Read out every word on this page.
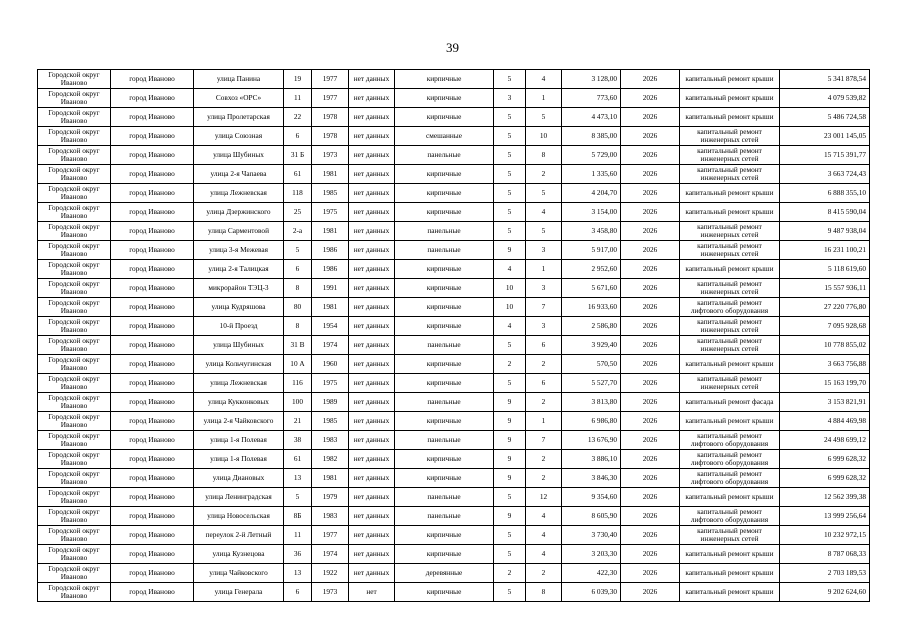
39
Городской округ Иваново	город Иваново	улица Панина	19	1977	нет данных	кирпичные	5	4	3 128,00	2026	капитальный ремонт крыши	5 341 878,54
Городской округ Иваново	город Иваново	Совхоз «ОРС»	11	1977	нет данных	кирпичные	3	1	773,60	2026	капитальный ремонт крыши	4 079 539,82
Городской округ Иваново	город Иваново	улица Пролетарская	22	1978	нет данных	кирпичные	5	5	4 473,10	2026	капитальный ремонт крыши	5 486 724,58
Городской округ Иваново	город Иваново	улица Союзная	6	1978	нет данных	смешанные	5	10	8 385,00	2026	капитальный ремонт инженерных сетей	23 001 145,05
Городской округ Иваново	город Иваново	улица Шубиных	31 Б	1973	нет данных	панельные	5	8	5 729,00	2026	капитальный ремонт инженерных сетей	15 715 391,77
Городской округ Иваново	город Иваново	улица 2-я Чапаева	61	1981	нет данных	кирпичные	5	2	1 335,60	2026	капитальный ремонт инженерных сетей	3 663 724,43
Городской округ Иваново	город Иваново	улица Лежневская	118	1985	нет данных	кирпичные	5	5	4 204,70	2026	капитальный ремонт крыши	6 888 355,10
Городской округ Иваново	город Иваново	улица Дзержинского	25	1975	нет данных	кирпичные	5	4	3 154,00	2026	капитальный ремонт крыши	8 415 590,04
Городской округ Иваново	город Иваново	улица Сарментовой	2-а	1981	нет данных	панельные	5	5	3 458,80	2026	капитальный ремонт инженерных сетей	9 487 938,04
Городской округ Иваново	город Иваново	улица 3-я Межевая	5	1986	нет данных	панельные	9	3	5 917,00	2026	капитальный ремонт инженерных сетей	16 231 100,21
Городской округ Иваново	город Иваново	улица 2-я Талицкая	6	1986	нет данных	кирпичные	4	1	2 952,60	2026	капитальный ремонт крыши	5 118 619,60
Городской округ Иваново	город Иваново	микрорайон ТЭЦ-3	8	1991	нет данных	кирпичные	10	3	5 671,60	2026	капитальный ремонт инженерных сетей	15 557 936,11
Городской округ Иваново	город Иваново	улица Кудряшова	80	1981	нет данных	кирпичные	10	7	16 933,60	2026	капитальный ремонт лифтового оборудования	27 220 776,80
Городской округ Иваново	город Иваново	10-й Проезд	8	1954	нет данных	кирпичные	4	3	2 586,80	2026	капитальный ремонт инженерных сетей	7 095 928,68
Городской округ Иваново	город Иваново	улица Шубиных	31 В	1974	нет данных	панельные	5	6	3 929,40	2026	капитальный ремонт инженерных сетей	10 778 855,02
Городской округ Иваново	город Иваново	улица Кольчугинская	10 А	1960	нет данных	кирпичные	2	2	570,50	2026	капитальный ремонт крыши	3 663 756,88
Городской округ Иваново	город Иваново	улица Лежневская	116	1975	нет данных	кирпичные	5	6	5 527,70	2026	капитальный ремонт инженерных сетей	15 163 199,70
Городской округ Иваново	город Иваново	улица Кукконковых	100	1989	нет данных	панельные	9	2	3 813,80	2026	капитальный ремонт фасада	3 153 821,91
Городской округ Иваново	город Иваново	улица 2-я Чайковского	21	1985	нет данных	кирпичные	9	1	6 986,80	2026	капитальный ремонт крыши	4 884 469,98
Городской округ Иваново	город Иваново	улица 1-я Полевая	38	1983	нет данных	панельные	9	7	13 676,90	2026	капитальный ремонт лифтового оборудования	24 498 699,12
Городской округ Иваново	город Иваново	улица 1-я Полевая	61	1982	нет данных	кирпичные	9	2	3 886,10	2026	капитальный ремонт лифтового оборудования	6 999 628,32
Городской округ Иваново	город Иваново	улица Диановых	13	1981	нет данных	кирпичные	9	2	3 846,30	2026	капитальный ремонт лифтового оборудования	6 999 628,32
Городской округ Иваново	город Иваново	улица Ленинградская	5	1979	нет данных	панельные	5	12	9 354,60	2026	капитальный ремонт крыши	12 562 399,38
Городской округ Иваново	город Иваново	улица Новосельская	8Б	1983	нет данных	панельные	9	4	8 605,90	2026	капитальный ремонт лифтового оборудования	13 999 256,64
Городской округ Иваново	город Иваново	переулок 2-й Летный	11	1977	нет данных	кирпичные	5	4	3 730,40	2026	капитальный ремонт инженерных сетей	10 232 972,15
Городской округ Иваново	город Иваново	улица Кузнецова	36	1974	нет данных	кирпичные	5	4	3 203,30	2026	капитальный ремонт крыши	8 787 068,33
Городской округ Иваново	город Иваново	улица Чайковского	13	1922	нет данных	деревянные	2	2	422,30	2026	капитальный ремонт крыши	2 703 189,53
Городской округ Иваново	город Иваново	улица Генерала	6	1973	нет	кирпичные	5	8	6 039,30	2026	капитальный ремонт крыши	9 202 624,60
